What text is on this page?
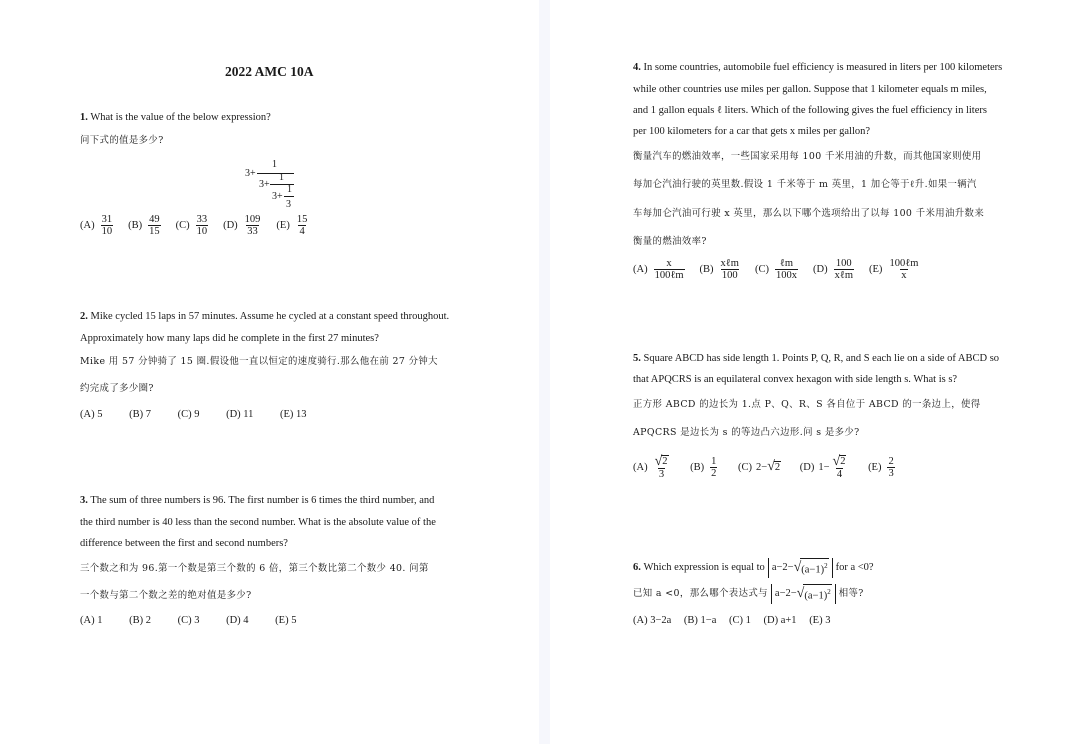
2022 AMC 10A
1. What is the value of the below expression?
问下式的值是多少?
3+
1
3+
1
3+
1
3
$(A) \frac{31}{10} (B) \frac{49}{15} (C) \frac{33}{10} (D) \frac{109}{33} (E) \frac{15}{4}$
2. Mike cycled 15 laps in 57 minutes. Assume he cycled at a constant speed throughout.
Approximately how many laps did he complete in the first 27 minutes?
Mike 用 57 分钟骑了 15 圈.假设他一直以恒定的速度骑行.那么他在前 27 分钟大
约完成了多少圈?
(A) 5	(B) 7	(C) 9	(D) 11	(E) 13
3. The sum of three numbers is 96. The first number is 6 times the third number, and
the third number is 40 less than the second number. What is the absolute value of the
difference between the first and second numbers?
三个数之和为 96.第一个数是第三个数的 6 倍，第三个数比第二个数少 40. 问第
一个数与第二个数之差的绝对值是多少?
(A) 1	(B) 2	(C) 3	(D) 4	(E) 5
4. In some countries, automobile fuel efficiency is measured in liters per 100 kilometers
while other countries use miles per gallon. Suppose that 1 kilometer equals m miles,
and 1 gallon equals ℓ liters. Which of the following gives the fuel efficiency in liters
per 100 kilometers for a car that gets x miles per gallon?
衡量汽车的燃油效率，一些国家采用每 100 千米用油的升数，而其他国家则使用
每加仑汽油行驶的英里数.假设 1 千米等于 m 英里，1 加仑等于ℓ升.如果一辆汽
车每加仑汽油可行驶 x 英里，那么以下哪个选项给出了以每 100 千米用油升数来
衡量的燃油效率?
$(A) \frac{x}{\text{100ℓm}} (B) \frac{\text{xℓm}}{100} (C) \frac{\text{ℓm}}{100x} (D) \frac{100}{\text{xℓm}} (E) \frac{\text{100ℓm}}{x}$
5. Square ABCD has side length 1. Points P, Q, R, and S each lie on a side of ABCD so
that APQCRS is an equilateral convex hexagon with side length s. What is s?
正方形 ABCD 的边长为 1.点 P、Q、R、S 各自位于 ABCD 的一条边上，使得
APQCRS 是边长为 s 的等边凸六边形.问 s 是多少?
$(A) \frac{√ 2}{3}$
$(B) \frac{1}{2}$
(C) 2− √ 2
(D) $1- \frac{√ 2}{4}$
$(E) \frac{2}{3}$
6.
Which expression is equal to a−2− √ $(a-1)^2$ for a <0?
已知 a <0，那么哪个表达式与 a−2− √ $(a-1)^2$ 相等?
(A) 3−2a (B) 1−a (C) 1 (D) a+1 (E) 3
